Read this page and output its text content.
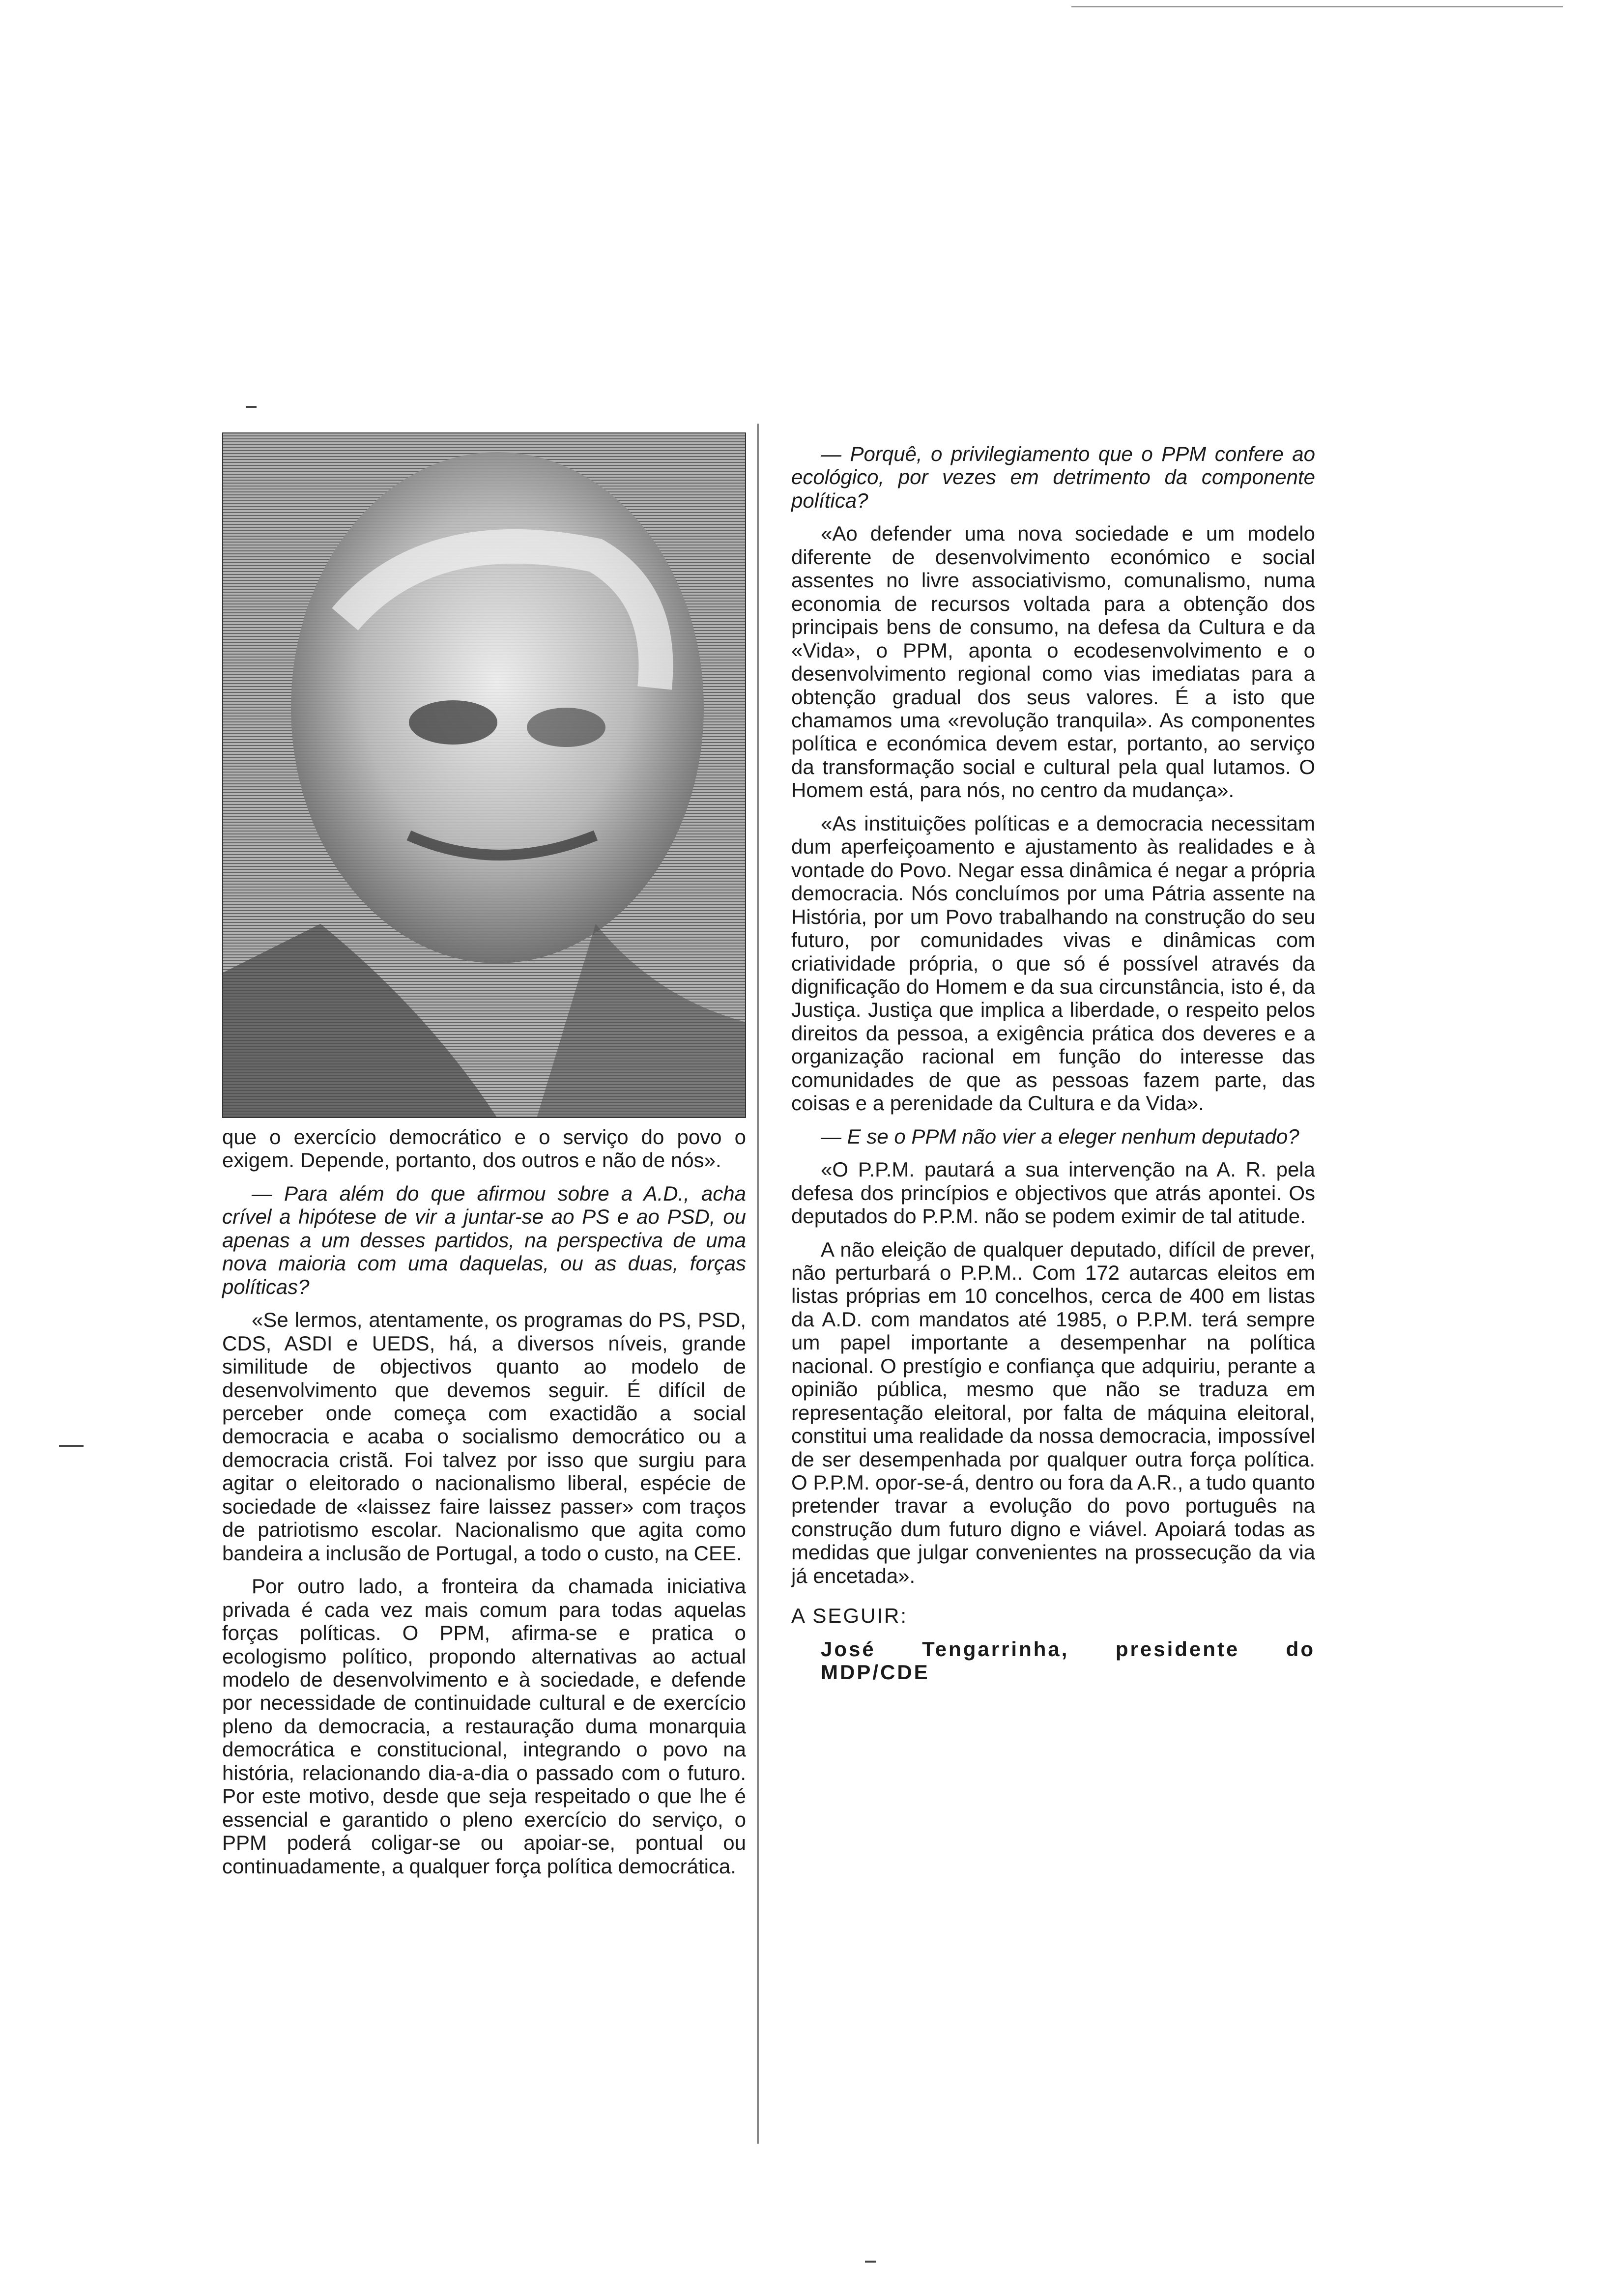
que o exercício democrático e o serviço do povo o exigem. Depende, portanto, dos outros e não de nós».

— Para além do que afirmou sobre a A.D., acha crível a hipótese de vir a juntar-se ao PS e ao PSD, ou apenas a um desses partidos, na perspectiva de uma nova maioria com uma daquelas, ou as duas, forças políticas?

«Se lermos, atentamente, os programas do PS, PSD, CDS, ASDI e UEDS, há, a diversos níveis, grande similitude de objectivos quanto ao modelo de desenvolvimento que devemos seguir. É difícil de perceber onde começa com exactidão a social democracia e acaba o socialismo democrático ou a democracia cristã. Foi talvez por isso que surgiu para agitar o eleitorado o nacionalismo liberal, espécie de sociedade de «laissez faire laissez passer» com traços de patriotismo escolar. Nacionalismo que agita como bandeira a inclusão de Portugal, a todo o custo, na CEE.

Por outro lado, a fronteira da chamada iniciativa privada é cada vez mais comum para todas aquelas forças políticas. O PPM, afirma-se e pratica o ecologismo político, propondo alternativas ao actual modelo de desenvolvimento e à sociedade, e defende por necessidade de continuidade cultural e de exercício pleno da democracia, a restauração duma monarquia democrática e constitucional, integrando o povo na história, relacionando dia-a-dia o passado com o futuro. Por este motivo, desde que seja respeitado o que lhe é essencial e garantido o pleno exercício do serviço, o PPM poderá coligar-se ou apoiar-se, pontual ou continuadamente, a qualquer força política democrática.

— Porquê, o privilegiamento que o PPM confere ao ecológico, por vezes em detrimento da componente política?

«Ao defender uma nova sociedade e um modelo diferente de desenvolvimento económico e social assentes no livre associativismo, comunalismo, numa economia de recursos voltada para a obtenção dos principais bens de consumo, na defesa da Cultura e da «Vida», o PPM, aponta o ecodesenvolvimento e o desenvolvimento regional como vias imediatas para a obtenção gradual dos seus valores. É a isto que chamamos uma «revolução tranquila». As componentes política e económica devem estar, portanto, ao serviço da transformação social e cultural pela qual lutamos. O Homem está, para nós, no centro da mudança».

«As instituições políticas e a democracia necessitam dum aperfeiçoamento e ajustamento às realidades e à vontade do Povo. Negar essa dinâmica é negar a própria democracia. Nós concluímos por uma Pátria assente na História, por um Povo trabalhando na construção do seu futuro, por comunidades vivas e dinâmicas com criatividade própria, o que só é possível através da dignificação do Homem e da sua circunstância, isto é, da Justiça. Justiça que implica a liberdade, o respeito pelos direitos da pessoa, a exigência prática dos deveres e a organização racional em função do interesse das comunidades de que as pessoas fazem parte, das coisas e a perenidade da Cultura e da Vida».

— E se o PPM não vier a eleger nenhum deputado?

«O P.P.M. pautará a sua intervenção na A. R. pela defesa dos princípios e objectivos que atrás apontei. Os deputados do P.P.M. não se podem eximir de tal atitude.

A não eleição de qualquer deputado, difícil de prever, não perturbará o P.P.M.. Com 172 autarcas eleitos em listas próprias em 10 concelhos, cerca de 400 em listas da A.D. com mandatos até 1985, o P.P.M. terá sempre um papel importante a desempenhar na política nacional. O prestígio e confiança que adquiriu, perante a opinião pública, mesmo que não se traduza em representação eleitoral, por falta de máquina eleitoral, constitui uma realidade da nossa democracia, impossível de ser desempenhada por qualquer outra força política. O P.P.M. opor-se-á, dentro ou fora da A.R., a tudo quanto pretender travar a evolução do povo português na construção dum futuro digno e viável. Apoiará todas as medidas que julgar convenientes na prossecução da via já encetada».

A SEGUIR:

José Tengarrinha, presidente do MDP/CDE
